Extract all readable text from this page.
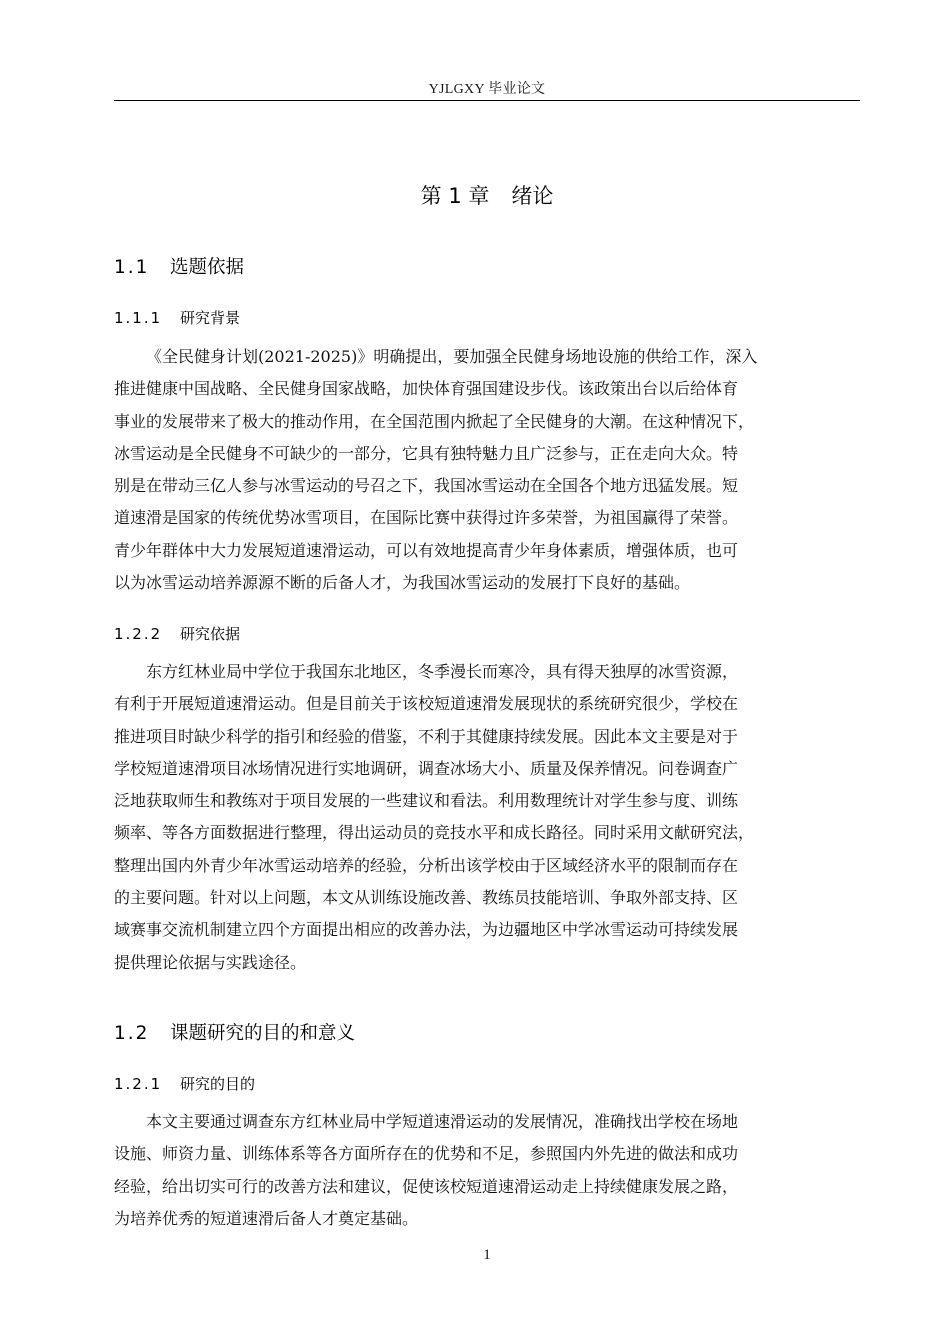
YJLGXY 毕业论文
第 1 章 绪论
1.1 选题依据
1.1.1 研究背景
《全民健身计划(2021-2025)》明确提出，要加强全民健身场地设施的供给工作，深入
推进健康中国战略、全民健身国家战略，加快体育强国建设步伐。该政策出台以后给体育
事业的发展带来了极大的推动作用，在全国范围内掀起了全民健身的大潮。在这种情况下，
冰雪运动是全民健身不可缺少的一部分，它具有独特魅力且广泛参与，正在走向大众。特
别是在带动三亿人参与冰雪运动的号召之下，我国冰雪运动在全国各个地方迅猛发展。短
道速滑是国家的传统优势冰雪项目，在国际比赛中获得过许多荣誉，为祖国赢得了荣誉。
青少年群体中大力发展短道速滑运动，可以有效地提高青少年身体素质，增强体质，也可
以为冰雪运动培养源源不断的后备人才，为我国冰雪运动的发展打下良好的基础。
1.2.2 研究依据
东方红林业局中学位于我国东北地区，冬季漫长而寒冷，具有得天独厚的冰雪资源，
有利于开展短道速滑运动。但是目前关于该校短道速滑发展现状的系统研究很少，学校在
推进项目时缺少科学的指引和经验的借鉴，不利于其健康持续发展。因此本文主要是对于
学校短道速滑项目冰场情况进行实地调研，调查冰场大小、质量及保养情况。问卷调查广
泛地获取师生和教练对于项目发展的一些建议和看法。利用数理统计对学生参与度、训练
频率、等各方面数据进行整理，得出运动员的竞技水平和成长路径。同时采用文献研究法，
整理出国内外青少年冰雪运动培养的经验，分析出该学校由于区域经济水平的限制而存在
的主要问题。针对以上问题，本文从训练设施改善、教练员技能培训、争取外部支持、区
域赛事交流机制建立四个方面提出相应的改善办法，为边疆地区中学冰雪运动可持续发展
提供理论依据与实践途径。
1.2 课题研究的目的和意义
1.2.1 研究的目的
本文主要通过调查东方红林业局中学短道速滑运动的发展情况，准确找出学校在场地
设施、师资力量、训练体系等各方面所存在的优势和不足，参照国内外先进的做法和成功
经验，给出切实可行的改善方法和建议，促使该校短道速滑运动走上持续健康发展之路，
为培养优秀的短道速滑后备人才奠定基础。
1
